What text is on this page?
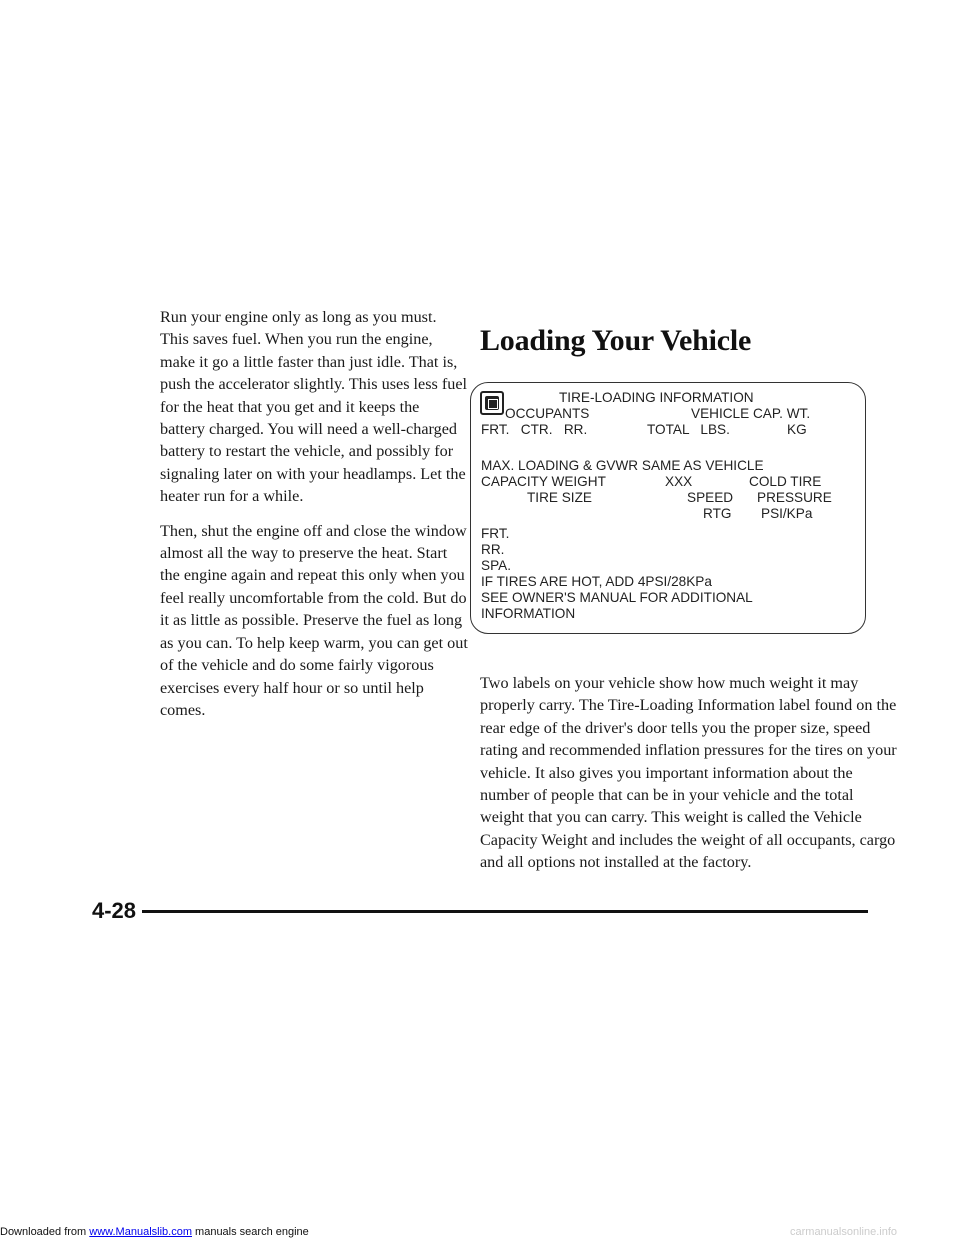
Run your engine only as long as you must. This saves fuel. When you run the engine, make it go a little faster than just idle. That is, push the accelerator slightly. This uses less fuel for the heat that you get and it keeps the battery charged. You will need a well-charged battery to restart the vehicle, and possibly for signaling later on with your headlamps. Let the heater run for a while.

Then, shut the engine off and close the window almost all the way to preserve the heat. Start the engine again and repeat this only when you feel really uncomfortable from the cold. But do it as little as possible. Preserve the fuel as long as you can. To help keep warm, you can get out of the vehicle and do some fairly vigorous exercises every half hour or so until help comes.

Loading Your Vehicle
TIRE-LOADING INFORMATION
OCCUPANTS	VEHICLE CAP. WT.
FRT.   CTR.   RR.	TOTAL   LBS.	KG
MAX. LOADING & GVWR SAME AS VEHICLE
CAPACITY WEIGHT	XXX	COLD TIRE
TIRE SIZE	SPEED PRESSURE
RTG PSI/KPa
FRT.
RR.
SPA.
IF TIRES ARE HOT, ADD 4PSI/28KPa
SEE OWNER'S MANUAL FOR ADDITIONAL
INFORMATION

Two labels on your vehicle show how much weight it may properly carry. The Tire-Loading Information label found on the rear edge of the driver's door tells you the proper size, speed rating and recommended inflation pressures for the tires on your vehicle. It also gives you important information about the number of people that can be in your vehicle and the total weight that you can carry. This weight is called the Vehicle Capacity Weight and includes the weight of all occupants, cargo and all options not installed at the factory.

4-28

Downloaded from www.Manualslib.com manuals search engine	carmanualsonline.info
